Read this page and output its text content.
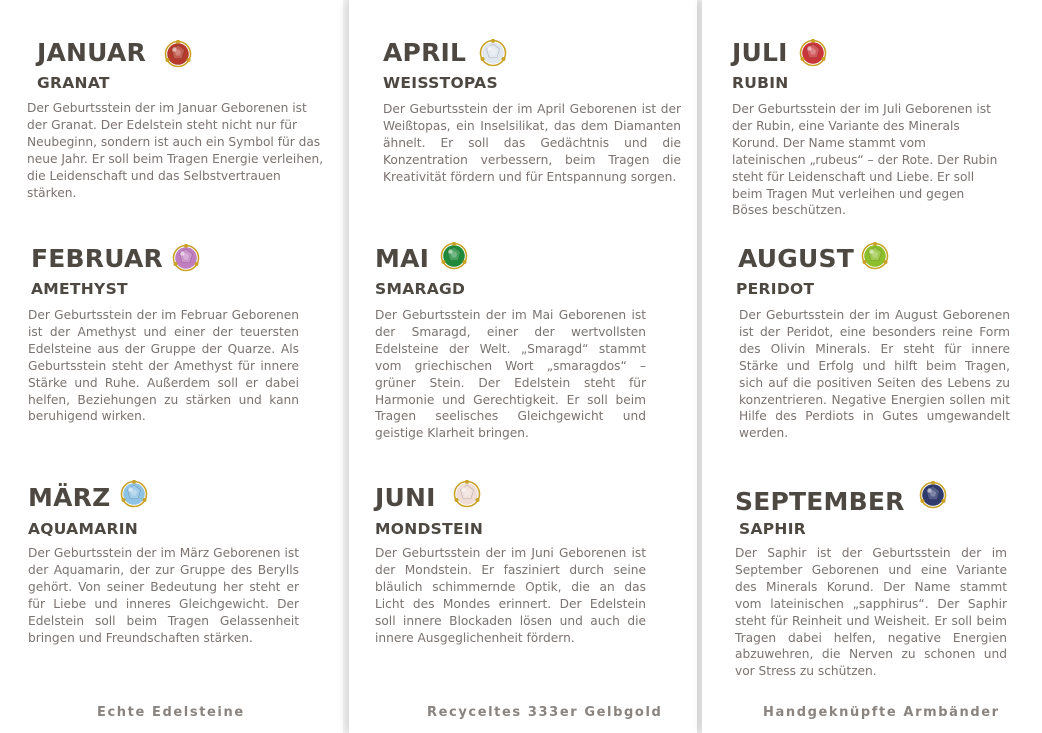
JANUAR
GRANAT

Der Geburtsstein der im Januar Geborenen ist der Granat. Der Edelstein steht nicht nur für Neubeginn, sondern ist auch ein Symbol für das neue Jahr. Er soll beim Tragen Energie verleihen, die Leidenschaft und das Selbstvertrauen stärken.

FEBRUAR
AMETHYST

Der Geburtsstein der im Februar Geborenen ist der Amethyst und einer der teuersten Edelsteine aus der Gruppe der Quarze. Als Geburtsstein steht der Amethyst für innere Stärke und Ruhe. Außerdem soll er dabei helfen, Beziehungen zu stärken und kann beruhigend wirken.

MÄRZ
AQUAMARIN

Der Geburtsstein der im März Geborenen ist der Aquamarin, der zur Gruppe des Berylls gehört. Von seiner Bedeutung her steht er für Liebe und inneres Gleichgewicht. Der Edelstein soll beim Tragen Gelassenheit bringen und Freundschaften stärken.

APRIL
WEISSTOPAS

Der Geburtsstein der im April Geborenen ist der Weißtopas, ein Inselsilikat, das dem Diamanten ähnelt. Er soll das Gedächtnis und die Konzentration verbessern, beim Tragen die Kreativität fördern und für Entspannung sorgen.

MAI
SMARAGD

Der Geburtsstein der im Mai Geborenen ist der Smaragd, einer der wertvollsten Edelsteine der Welt. „Smaragd“ stammt vom griechischen Wort „smaragdos“ – grüner Stein. Der Edelstein steht für Harmonie und Gerechtigkeit. Er soll beim Tragen seelisches Gleichgewicht und geistige Klarheit bringen.

JUNI
MONDSTEIN

Der Geburtsstein der im Juni Geborenen ist der Mondstein. Er fasziniert durch seine bläulich schimmernde Optik, die an das Licht des Mondes erinnert. Der Edelstein soll innere Blockaden lösen und auch die innere Ausgeglichenheit fördern.

JULI
RUBIN

Der Geburtsstein der im Juli Geborenen ist der Rubin, eine Variante des Minerals Korund. Der Name stammt vom lateinischen „rubeus“ – der Rote. Der Rubin steht für Leidenschaft und Liebe. Er soll beim Tragen Mut verleihen und gegen Böses beschützen.

AUGUST
PERIDOT

Der Geburtsstein der im August Geborenen ist der Peridot, eine besonders reine Form des Olivin Minerals. Er steht für innere Stärke und Erfolg und hilft beim Tragen, sich auf die positiven Seiten des Lebens zu konzentrieren. Negative Energien sollen mit Hilfe des Perdiots in Gutes umgewandelt werden.

SEPTEMBER
SAPHIR

Der Saphir ist der Geburtsstein der im September Geborenen und eine Variante des Minerals Korund. Der Name stammt vom lateinischen „sapphirus“. Der Saphir steht für Reinheit und Weisheit. Er soll beim Tragen dabei helfen, negative Energien abzuwehren, die Nerven zu schonen und vor Stress zu schützen.

Echte Edelsteine	Recyceltes 333er Gelbgold	Handgeknüpfte Armbänder
